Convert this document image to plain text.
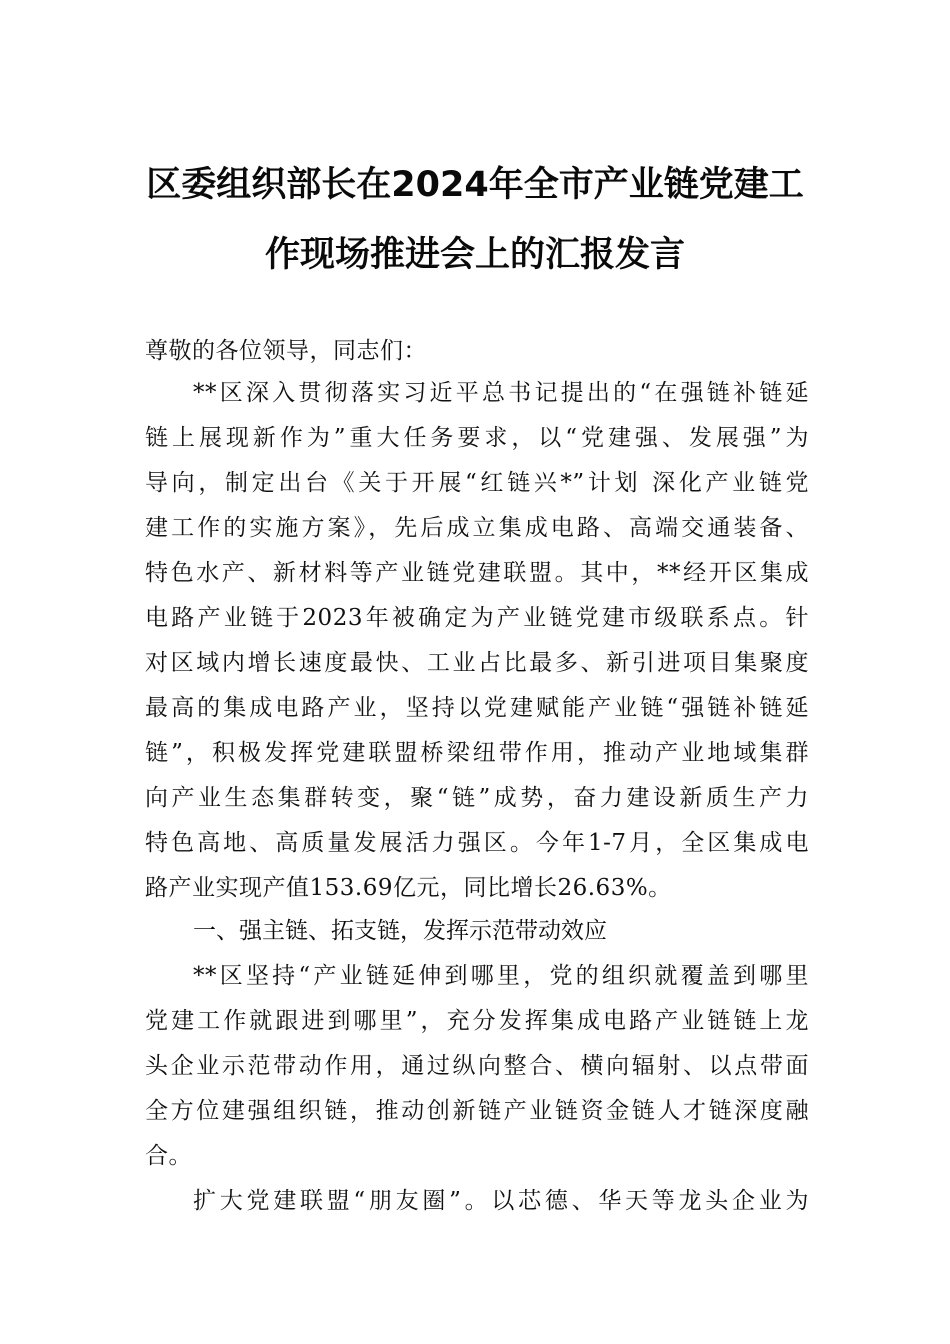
区委组织部长在2024年全市产业链党建工
作现场推进会上的汇报发言
尊敬的各位领导，同志们：
**区深入贯彻落实习近平总书记提出的“在强链补链延
链上展现新作为”重大任务要求，以“党建强、发展强”为
导向，制定出台《关于开展“红链兴*”计划 深化产业链党
建工作的实施方案》，先后成立集成电路、高端交通装备、
特色水产、新材料等产业链党建联盟。其中，**经开区集成
电路产业链于2023年被确定为产业链党建市级联系点。针
对区域内增长速度最快、工业占比最多、新引进项目集聚度
最高的集成电路产业，坚持以党建赋能产业链“强链补链延
链”，积极发挥党建联盟桥梁纽带作用，推动产业地域集群
向产业生态集群转变，聚“链”成势，奋力建设新质生产力
特色高地、高质量发展活力强区。今年1-7月，全区集成电
路产业实现产值153.69亿元，同比增长26.63%。
一、强主链、拓支链，发挥示范带动效应
**区坚持“产业链延伸到哪里，党的组织就覆盖到哪里
党建工作就跟进到哪里”，充分发挥集成电路产业链链上龙
头企业示范带动作用，通过纵向整合、横向辐射、以点带面
全方位建强组织链，推动创新链产业链资金链人才链深度融
合。
扩大党建联盟“朋友圈”。以芯德、华天等龙头企业为
